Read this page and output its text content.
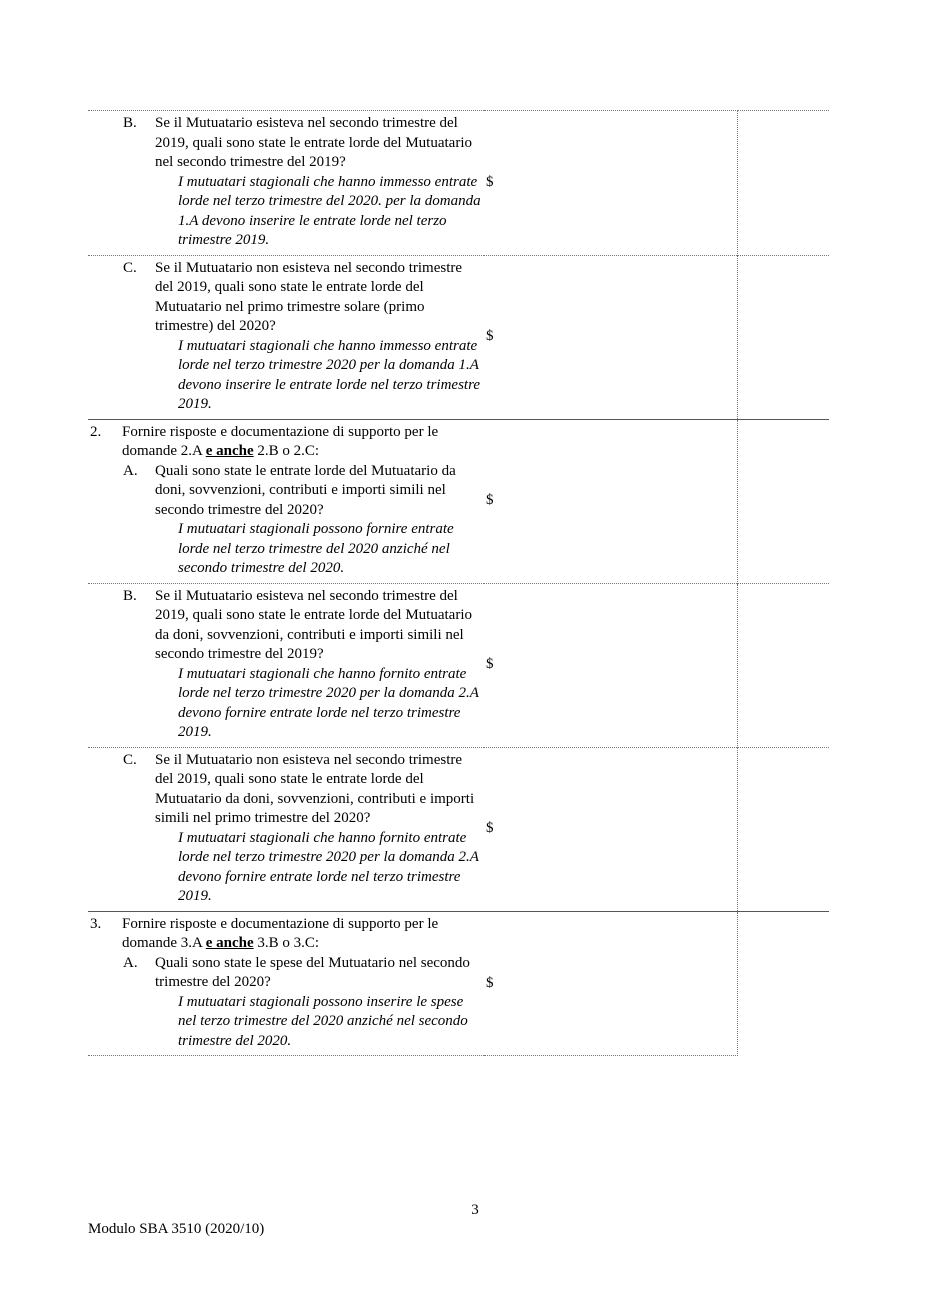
B. Se il Mutuatario esisteva nel secondo trimestre del 2019, quali sono state le entrate lorde del Mutuatario nel secondo trimestre del 2019?
I mutuatari stagionali che hanno immesso entrate lorde nel terzo trimestre del 2020. per la domanda 1.A devono inserire le entrate lorde nel terzo trimestre 2019.	$	

C. Se il Mutuatario non esisteva nel secondo trimestre del 2019, quali sono state le entrate lorde del Mutuatario nel primo trimestre solare (primo trimestre) del 2020?
I mutuatari stagionali che hanno immesso entrate lorde nel terzo trimestre 2020 per la domanda 1.A devono inserire le entrate lorde nel terzo trimestre 2019.	$	

2. Fornire risposte e documentazione di supporto per le domande 2.A e anche 2.B o 2.C:
A. Quali sono state le entrate lorde del Mutuatario da doni, sovvenzioni, contributi e importi simili nel secondo trimestre del 2020?
I mutuatari stagionali possono fornire entrate lorde nel terzo trimestre del 2020 anziché nel secondo trimestre del 2020.	$	

B. Se il Mutuatario esisteva nel secondo trimestre del 2019, quali sono state le entrate lorde del Mutuatario da doni, sovvenzioni, contributi e importi simili nel secondo trimestre del 2019?
I mutuatari stagionali che hanno fornito entrate lorde nel terzo trimestre 2020 per la domanda 2.A devono fornire entrate lorde nel terzo trimestre 2019.	$	

C. Se il Mutuatario non esisteva nel secondo trimestre del 2019, quali sono state le entrate lorde del Mutuatario da doni, sovvenzioni, contributi e importi simili nel primo trimestre del 2020?
I mutuatari stagionali che hanno fornito entrate lorde nel terzo trimestre 2020 per la domanda 2.A devono fornire entrate lorde nel terzo trimestre 2019.	$	

3. Fornire risposte e documentazione di supporto per le domande 3.A e anche 3.B o 3.C:
A. Quali sono state le spese del Mutuatario nel secondo trimestre del 2020?
I mutuatari stagionali possono inserire le spese nel terzo trimestre del 2020 anziché nel secondo trimestre del 2020.	$	
3
Modulo SBA 3510 (2020/10)
